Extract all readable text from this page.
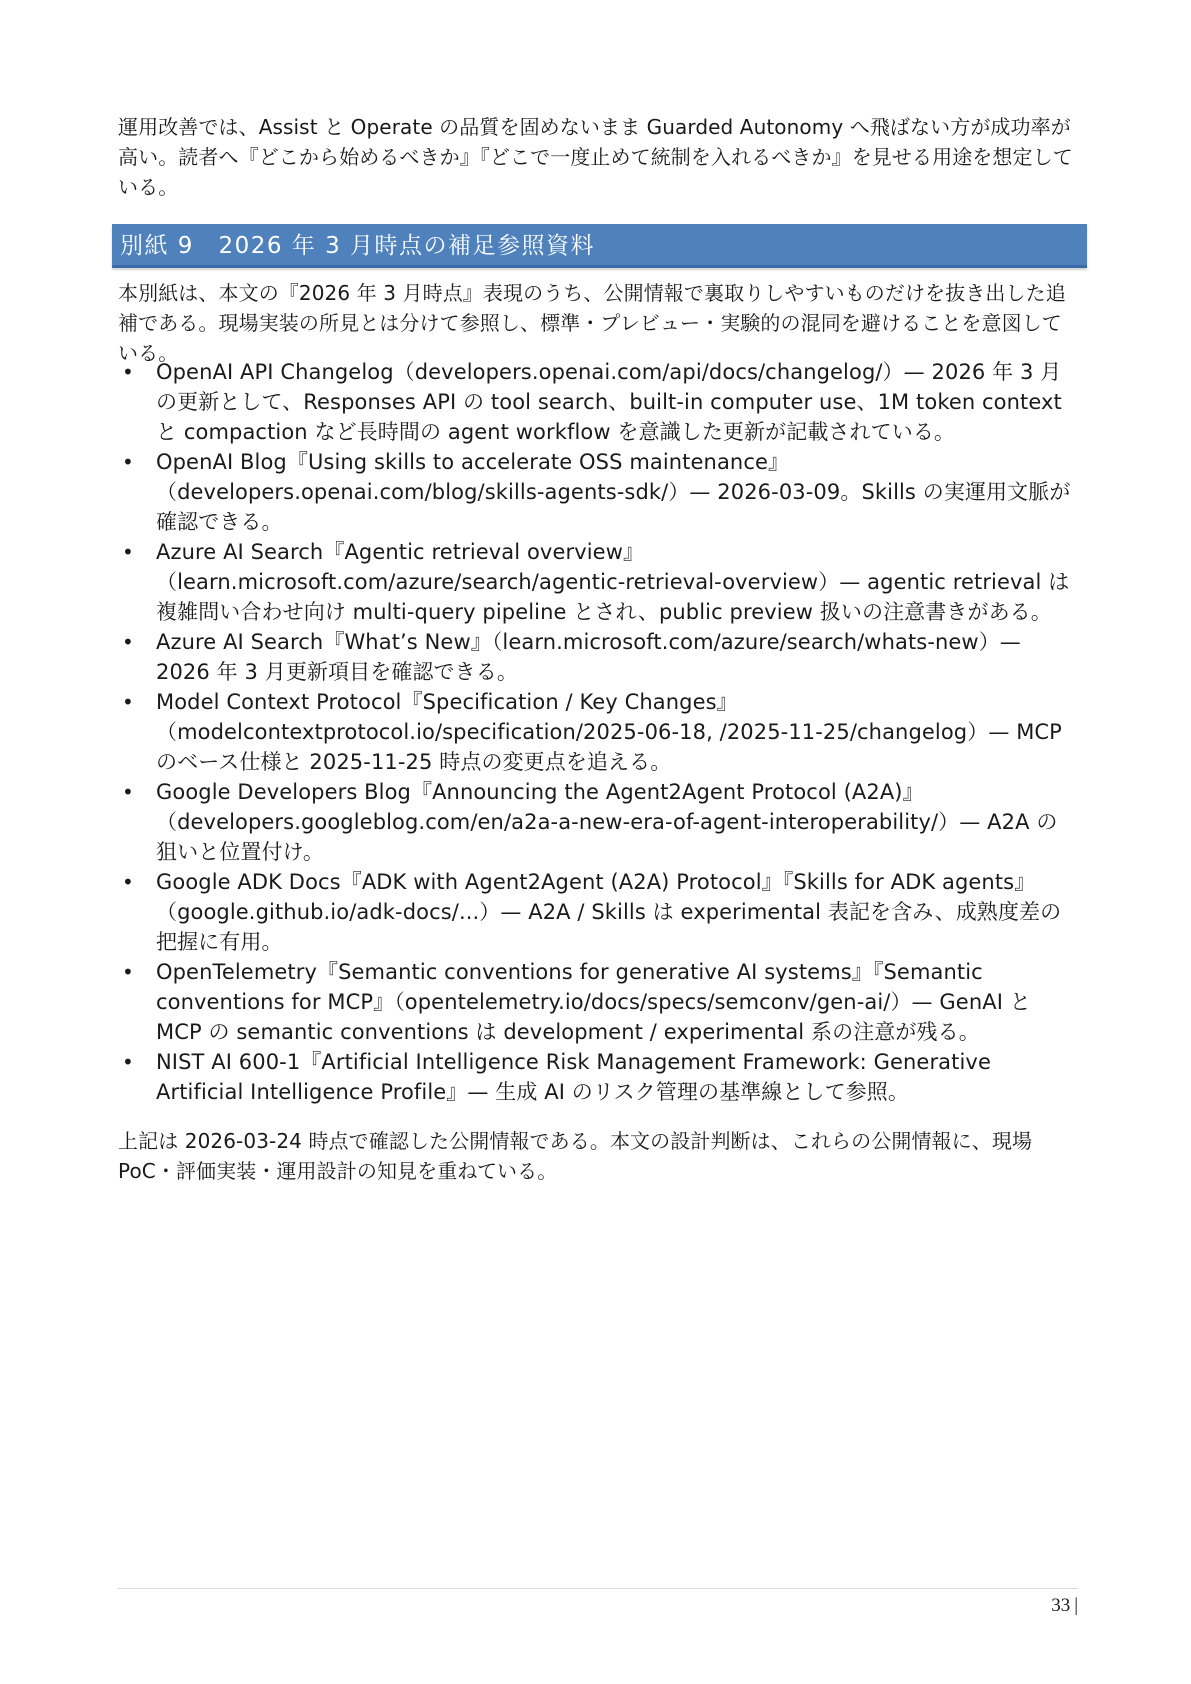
運用改善では、Assist と Operate の品質を固めないまま Guarded Autonomy へ飛ばない方が成功率が高い。読者へ『どこから始めるべきか』『どこで一度止めて統制を入れるべきか』を見せる用途を想定している。

別紙 9　2026 年 3 月時点の補足参照資料

本別紙は、本文の『2026 年 3 月時点』表現のうち、公開情報で裏取りしやすいものだけを抜き出した追補である。現場実装の所見とは分けて参照し、標準・プレビュー・実験的の混同を避けることを意図している。

•	OpenAI API Changelog（developers.openai.com/api/docs/changelog/）— 2026 年 3 月の更新として、Responses API の tool search、built-in computer use、1M token context と compaction など長時間の agent workflow を意識した更新が記載されている。
•	OpenAI Blog『Using skills to accelerate OSS maintenance』（developers.openai.com/blog/skills-agents-sdk/）— 2026-03-09。Skills の実運用文脈が確認できる。
•	Azure AI Search『Agentic retrieval overview』（learn.microsoft.com/azure/search/agentic-retrieval-overview）— agentic retrieval は複雑問い合わせ向け multi-query pipeline とされ、public preview 扱いの注意書きがある。
•	Azure AI Search『What’s New』（learn.microsoft.com/azure/search/whats-new）— 2026 年 3 月更新項目を確認できる。
•	Model Context Protocol『Specification / Key Changes』（modelcontextprotocol.io/specification/2025-06-18, /2025-11-25/changelog）— MCP のベース仕様と 2025-11-25 時点の変更点を追える。
•	Google Developers Blog『Announcing the Agent2Agent Protocol (A2A)』（developers.googleblog.com/en/a2a-a-new-era-of-agent-interoperability/）— A2A の狙いと位置付け。
•	Google ADK Docs『ADK with Agent2Agent (A2A) Protocol』『Skills for ADK agents』（google.github.io/adk-docs/...）— A2A / Skills は experimental 表記を含み、成熟度差の把握に有用。
•	OpenTelemetry『Semantic conventions for generative AI systems』『Semantic conventions for MCP』（opentelemetry.io/docs/specs/semconv/gen-ai/）— GenAI と MCP の semantic conventions は development / experimental 系の注意が残る。
•	NIST AI 600-1『Artificial Intelligence Risk Management Framework: Generative Artificial Intelligence Profile』— 生成 AI のリスク管理の基準線として参照。

上記は 2026-03-24 時点で確認した公開情報である。本文の設計判断は、これらの公開情報に、現場 PoC・評価実装・運用設計の知見を重ねている。

33 |
